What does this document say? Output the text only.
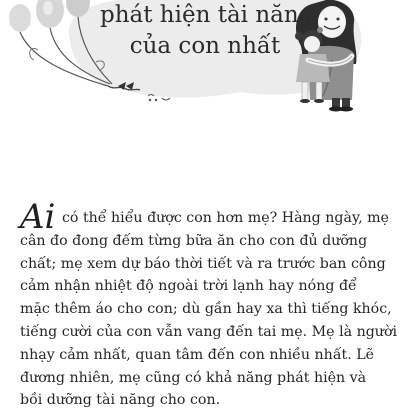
phát hiện tài năng
của con nhất
Ai có thể hiểu được con hơn mẹ? Hàng ngày, mẹ
cân đo đong đếm từng bữa ăn cho con đủ dưỡng
chất; mẹ xem dự báo thời tiết và ra trước ban công
cảm nhận nhiệt độ ngoài trời lạnh hay nóng để
mặc thêm áo cho con; dù gần hay xa thì tiếng khóc,
tiếng cười của con vẫn vang đến tai mẹ. Mẹ là người
nhạy cảm nhất, quan tâm đến con nhiều nhất. Lẽ
đương nhiên, mẹ cũng có khả năng phát hiện và
bồi dưỡng tài năng cho con.
